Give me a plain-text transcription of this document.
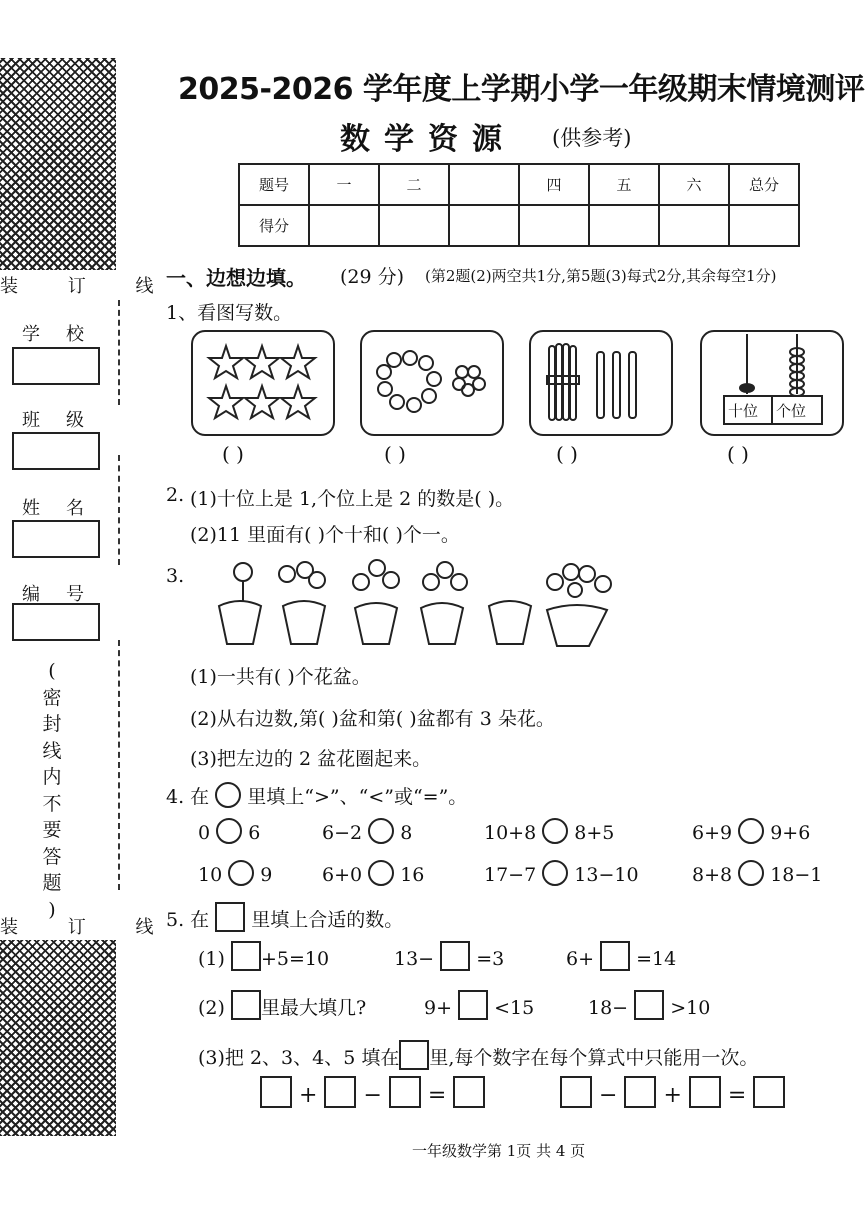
装 订 线
装 订 线
学校
班级
姓名
编号
(
密
封
线
内
不
要
答
题
)
2025-2026 学年度上学期小学一年级期末情境测评
数学资源 (供参考)
题号	一	二		四	五	六	总分
得分							
一、边想边填。 (29 分) (第2题(2)两空共1分,第5题(3)每式2分,其余每空1分)
1、看图写数。
十位 个位
( )	( )	( )	( )
2. (1)十位上是 1,个位上是 2 的数是( )。
(2)11 里面有( )个十和( )个一。
3.
(1)一共有( )个花盆。
(2)从右边数,第( )盆和第( )盆都有 3 朵花。
(3)把左边的 2 盆花圈起来。
4. 在 里填上“>”、“<”或“=”。
0 6	6−2 8	10+8 8+5	6+9 9+6
10 9	6+0 16	17−7 13−10	8+8 18−1
5. 在 里填上合适的数。
(1) +5=10	13− =3	6+ =14
(2) 里最大填几?	9+ <15	18− >10
(3)把 2、3、4、5 填在 里,每个数字在每个算式中只能用一次。
+ − =	− + =
一年级数学第 1页 共 4 页
